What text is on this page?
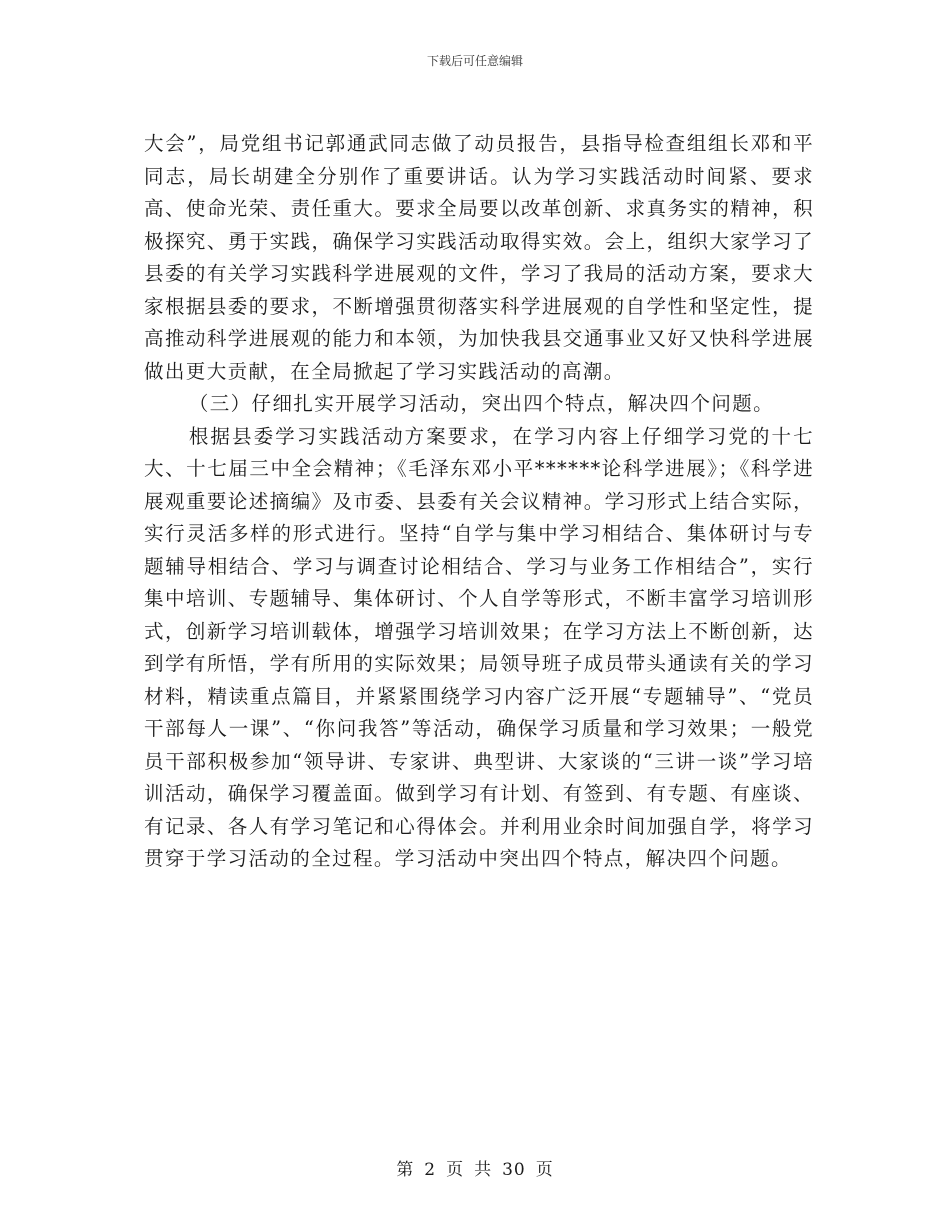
下载后可任意编辑

大会”，局党组书记郭通武同志做了动员报告，县指导检查组组长邓和平同志，局长胡建全分别作了重要讲话。认为学习实践活动时间紧、要求高、使命光荣、责任重大。要求全局要以改革创新、求真务实的精神，积极探究、勇于实践，确保学习实践活动取得实效。会上，组织大家学习了县委的有关学习实践科学进展观的文件，学习了我局的活动方案，要求大家根据县委的要求，不断增强贯彻落实科学进展观的自学性和坚定性，提高推动科学进展观的能力和本领，为加快我县交通事业又好又快科学进展做出更大贡献，在全局掀起了学习实践活动的高潮。

（三）仔细扎实开展学习活动，突出四个特点，解决四个问题。

根据县委学习实践活动方案要求，在学习内容上仔细学习党的十七大、十七届三中全会精神；《毛泽东邓小平******论科学进展》；《科学进展观重要论述摘编》及市委、县委有关会议精神。学习形式上结合实际，实行灵活多样的形式进行。坚持“自学与集中学习相结合、集体研讨与专题辅导相结合、学习与调查讨论相结合、学习与业务工作相结合”，实行集中培训、专题辅导、集体研讨、个人自学等形式，不断丰富学习培训形式，创新学习培训载体，增强学习培训效果；在学习方法上不断创新，达到学有所悟，学有所用的实际效果；局领导班子成员带头通读有关的学习材料，精读重点篇目，并紧紧围绕学习内容广泛开展“专题辅导”、“党员干部每人一课”、“你问我答”等活动，确保学习质量和学习效果；一般党员干部积极参加“领导讲、专家讲、典型讲、大家谈的“三讲一谈”学习培训活动，确保学习覆盖面。做到学习有计划、有签到、有专题、有座谈、有记录、各人有学习笔记和心得体会。并利用业余时间加强自学，将学习贯穿于学习活动的全过程。学习活动中突出四个特点，解决四个问题。

第 2 页 共 30 页
